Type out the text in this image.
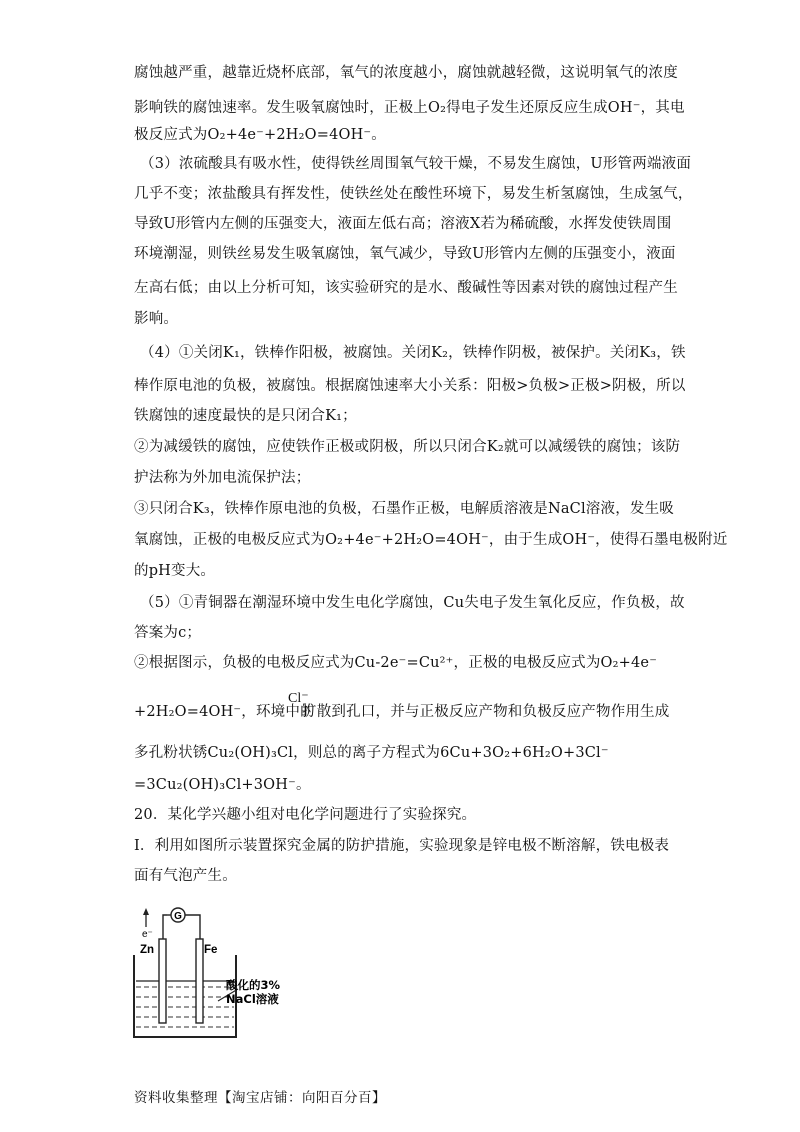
腐蚀越严重，越靠近烧杯底部，氧气的浓度越小，腐蚀就越轻微，这说明氧气的浓度
影响铁的腐蚀速率。发生吸氧腐蚀时，正极上O₂得电子发生还原反应生成OH⁻，其电
极反应式为O₂+4e⁻+2H₂O=4OH⁻。
（3）浓硫酸具有吸水性，使得铁丝周围氧气较干燥，不易发生腐蚀，U形管两端液面
几乎不变；浓盐酸具有挥发性，使铁丝处在酸性环境下，易发生析氢腐蚀，生成氢气，
导致U形管内左侧的压强变大，液面左低右高；溶液X若为稀硫酸，水挥发使铁周围
环境潮湿，则铁丝易发生吸氧腐蚀，氧气减少，导致U形管内左侧的压强变小，液面
左高右低；由以上分析可知，该实验研究的是水、酸碱性等因素对铁的腐蚀过程产生
影响。
（4）①关闭K₁，铁棒作阳极，被腐蚀。关闭K₂，铁棒作阴极，被保护。关闭K₃，铁
棒作原电池的负极，被腐蚀。根据腐蚀速率大小关系：阳极>负极>正极>阴极，所以
铁腐蚀的速度最快的是只闭合K₁；
②为减缓铁的腐蚀，应使铁作正极或阴极，所以只闭合K₂就可以减缓铁的腐蚀；该防
护法称为外加电流保护法；
③只闭合K₃，铁棒作原电池的负极，石墨作正极，电解质溶液是NaCl溶液，发生吸
氧腐蚀，正极的电极反应式为O₂+4e⁻+2H₂O=4OH⁻，由于生成OH⁻，使得石墨电极附近
的pH变大。
（5）①青铜器在潮湿环境中发生电化学腐蚀，Cu失电子发生氧化反应，作负极，故
答案为c；
②根据图示，负极的电极反应式为Cu-2e⁻=Cu²⁺，正极的电极反应式为O₂+4e⁻
+2H₂O=4OH⁻，环境中的
Cl⁻
扩散到孔口，并与正极反应产物和负极反应产物作用生成
多孔粉状锈Cu₂(OH)₃Cl，则总的离子方程式为6Cu+3O₂+6H₂O+3Cl⁻
=3Cu₂(OH)₃Cl+3OH⁻。
20．某化学兴趣小组对电化学问题进行了实验探究。
Ⅰ．利用如图所示装置探究金属的防护措施，实验现象是锌电极不断溶解，铁电极表
面有气泡产生。
G
e⁻
Zn	Fe
酸化的3%
NaCl溶液
资料收集整理【淘宝店铺：向阳百分百】
